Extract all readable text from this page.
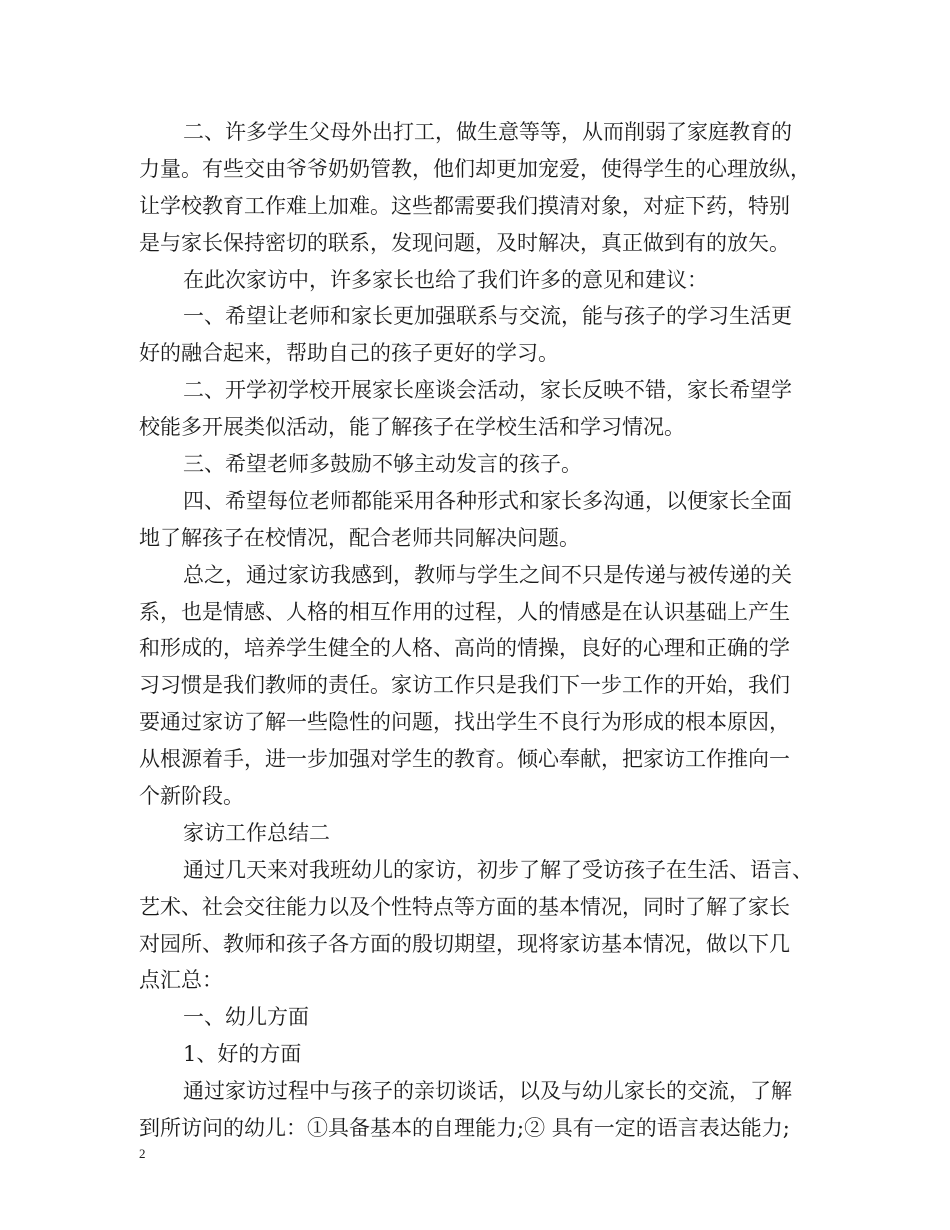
二、许多学生父母外出打工，做生意等等，从而削弱了家庭教育的
力量。有些交由爷爷奶奶管教，他们却更加宠爱，使得学生的心理放纵，
让学校教育工作难上加难。这些都需要我们摸清对象，对症下药，特别
是与家长保持密切的联系，发现问题，及时解决，真正做到有的放矢。
在此次家访中，许多家长也给了我们许多的意见和建议：
一、希望让老师和家长更加强联系与交流，能与孩子的学习生活更
好的融合起来，帮助自己的孩子更好的学习。
二、开学初学校开展家长座谈会活动，家长反映不错，家长希望学
校能多开展类似活动，能了解孩子在学校生活和学习情况。
三、希望老师多鼓励不够主动发言的孩子。
四、希望每位老师都能采用各种形式和家长多沟通，以便家长全面
地了解孩子在校情况，配合老师共同解决问题。
总之，通过家访我感到，教师与学生之间不只是传递与被传递的关
系，也是情感、人格的相互作用的过程，人的情感是在认识基础上产生
和形成的，培养学生健全的人格、高尚的情操，良好的心理和正确的学
习习惯是我们教师的责任。家访工作只是我们下一步工作的开始，我们
要通过家访了解一些隐性的问题，找出学生不良行为形成的根本原因，
从根源着手，进一步加强对学生的教育。倾心奉献，把家访工作推向一
个新阶段。
家访工作总结二
通过几天来对我班幼儿的家访，初步了解了受访孩子在生活、语言、
艺术、社会交往能力以及个性特点等方面的基本情况，同时了解了家长
对园所、教师和孩子各方面的殷切期望，现将家访基本情况，做以下几
点汇总：
一、幼儿方面
1、好的方面
通过家访过程中与孩子的亲切谈话，以及与幼儿家长的交流，了解
到所访问的幼儿：①具备基本的自理能力;② 具有一定的语言表达能力;
2
